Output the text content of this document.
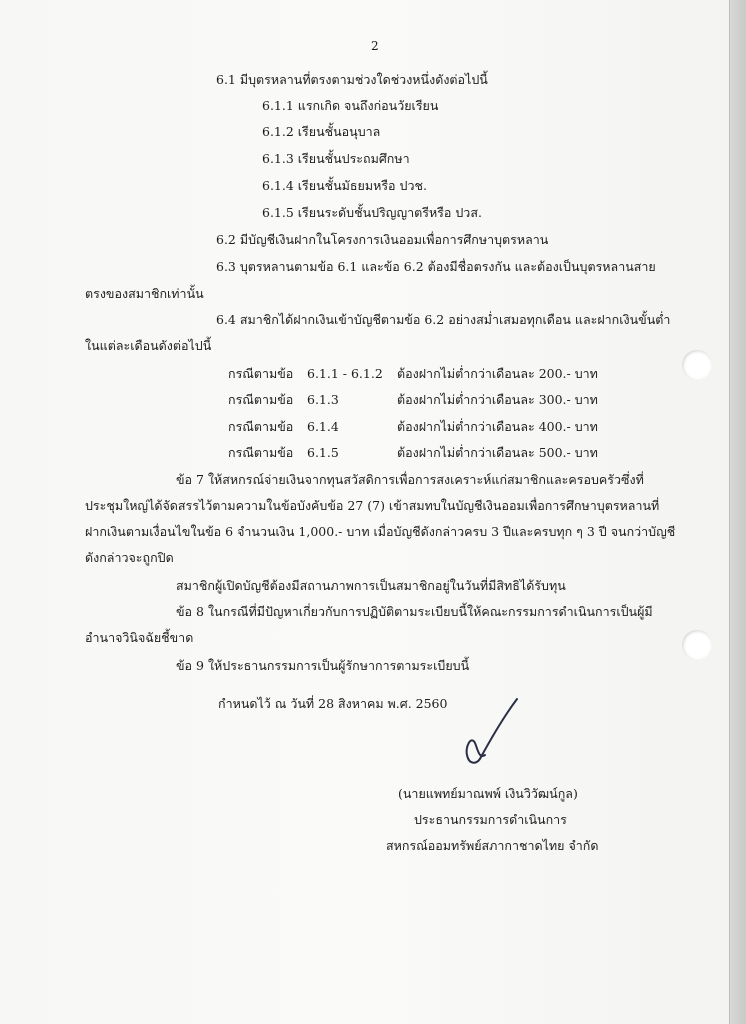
2
6.1 มีบุตรหลานที่ตรงตามช่วงใดช่วงหนึ่งดังต่อไปนี้
6.1.1 แรกเกิด จนถึงก่อนวัยเรียน
6.1.2 เรียนชั้นอนุบาล
6.1.3 เรียนชั้นประถมศึกษา
6.1.4 เรียนชั้นมัธยมหรือ ปวช.
6.1.5 เรียนระดับชั้นปริญญาตรีหรือ ปวส.
6.2 มีบัญชีเงินฝากในโครงการเงินออมเพื่อการศึกษาบุตรหลาน
6.3 บุตรหลานตามข้อ 6.1 และข้อ 6.2 ต้องมีชื่อตรงกัน และต้องเป็นบุตรหลานสาย
ตรงของสมาชิกเท่านั้น
6.4 สมาชิกได้ฝากเงินเข้าบัญชีตามข้อ 6.2 อย่างสม่ำเสมอทุกเดือน และฝากเงินขั้นต่ำ
ในแต่ละเดือนดังต่อไปนี้
กรณีตามข้อ 6.1.1 - 6.1.2 ต้องฝากไม่ต่ำกว่าเดือนละ 200.- บาท
กรณีตามข้อ 6.1.3	ต้องฝากไม่ต่ำกว่าเดือนละ 300.- บาท
กรณีตามข้อ 6.1.4	ต้องฝากไม่ต่ำกว่าเดือนละ 400.- บาท
กรณีตามข้อ 6.1.5	ต้องฝากไม่ต่ำกว่าเดือนละ 500.- บาท
ข้อ 7 ให้สหกรณ์จ่ายเงินจากทุนสวัสดิการเพื่อการสงเคราะห์แก่สมาชิกและครอบครัวซึ่งที่
ประชุมใหญ่ได้จัดสรรไว้ตามความในข้อบังคับข้อ 27 (7) เข้าสมทบในบัญชีเงินออมเพื่อการศึกษาบุตรหลานที่
ฝากเงินตามเงื่อนไขในข้อ 6 จำนวนเงิน 1,000.- บาท เมื่อบัญชีดังกล่าวครบ 3 ปีและครบทุก ๆ 3 ปี จนกว่าบัญชี
ดังกล่าวจะถูกปิด
สมาชิกผู้เปิดบัญชีต้องมีสถานภาพการเป็นสมาชิกอยู่ในวันที่มีสิทธิได้รับทุน
ข้อ 8 ในกรณีที่มีปัญหาเกี่ยวกับการปฏิบัติตามระเบียบนี้ให้คณะกรรมการดำเนินการเป็นผู้มี
อำนาจวินิจฉัยชี้ขาด
ข้อ 9 ให้ประธานกรรมการเป็นผู้รักษาการตามระเบียบนี้
กำหนดไว้ ณ วันที่ 28 สิงหาคม พ.ศ. 2560
(นายแพทย์มาณพพ์ เงินวิวัฒน์กูล)
ประธานกรรมการดำเนินการ
สหกรณ์ออมทรัพย์สภากาชาดไทย จำกัด
